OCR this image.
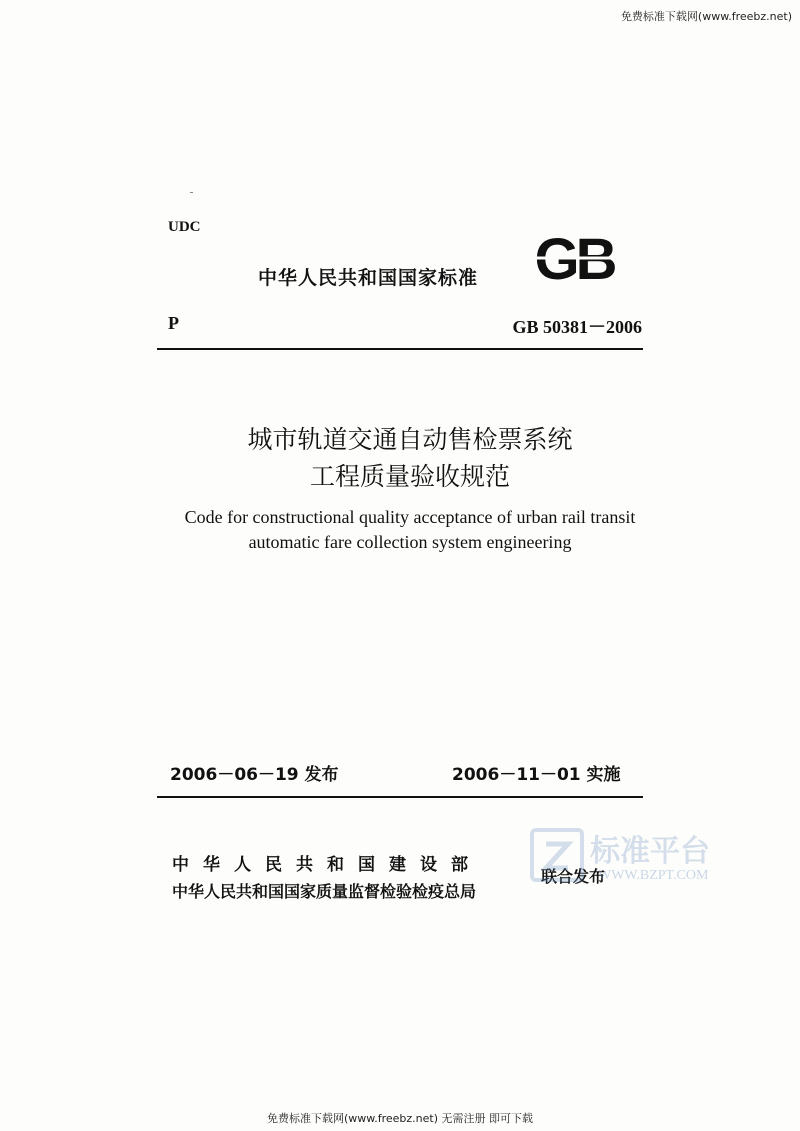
免费标准下载网(www.freebz.net)
UDC
中华人民共和国国家标准 GB
P	GB 50381－2006
城市轨道交通自动售检票系统
工程质量验收规范
Code for constructional quality acceptance of urban rail transit
automatic fare collection system engineering
2006－06－19 发布	2006－11－01 实施
中华人民共和国建设部
中华人民共和国国家质量监督检验检疫总局
联合发布
标准平台
WWW.BZPT.COM
免费标准下载网(www.freebz.net) 无需注册 即可下载
